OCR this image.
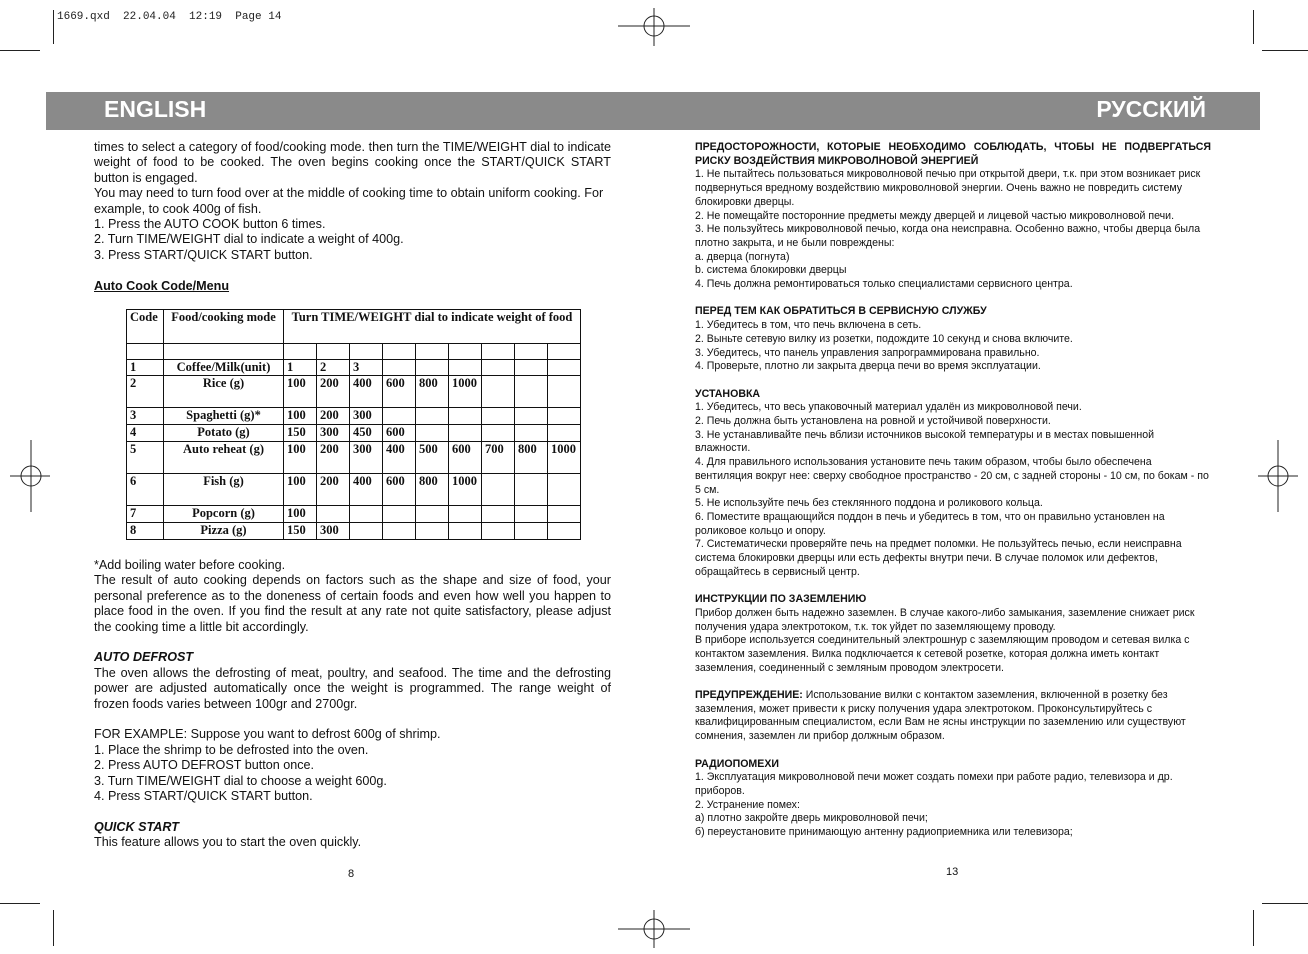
1669.qxd  22.04.04  12:19  Page 14
ENGLISH	РУССКИЙ

times to select a category of food/cooking mode. then turn the TIME/WEIGHT dial to indicate weight of food to be cooked. The oven begins cooking once the START/QUICK START button is engaged.

You may need to turn food over at the middle of cooking time to obtain uniform cooking. For example, to cook 400g of fish.

1. Press the AUTO COOK button 6 times.

2. Turn TIME/WEIGHT dial to indicate a weight of 400g.

3. Press START/QUICK START button.

Auto Cook Code/Menu

Code	Food/cooking mode	Turn TIME/WEIGHT dial to indicate weight of food								

1	Coffee/Milk(unit)	1	2	3						
2	Rice (g)	100	200	400	600	800	1000			
3	Spaghetti (g)*	100	200	300						
4	Potato (g)	150	300	450	600					
5	Auto reheat (g)	100	200	300	400	500	600	700	800	1000
6	Fish (g)	100	200	400	600	800	1000			
7	Popcorn (g)	100								
8	Pizza (g)	150	300							

*Add boiling water before cooking.

The result of auto cooking depends on factors such as the shape and size of food, your personal preference as to the doneness of certain foods and even how well you happen to place food in the oven. If you find the result at any rate not quite satisfactory, please adjust the cooking time a little bit accordingly.

AUTO DEFROST

The oven allows the defrosting of meat, poultry, and seafood. The time and the defrosting power are adjusted automatically once the weight is programmed. The range weight of frozen foods varies between 100gr and 2700gr.

FOR EXAMPLE: Suppose you want to defrost 600g of shrimp.

1. Place the shrimp to be defrosted into the oven.

2. Press AUTO DEFROST button once.

3. Turn TIME/WEIGHT dial to choose a weight 600g.

4. Press START/QUICK START button.

QUICK START

This feature allows you to start the oven quickly.

8

ПРЕДОСТОРОЖНОСТИ, КОТОРЫЕ НЕОБХОДИМО СОБЛЮДАТЬ, ЧТОБЫ НЕ ПОДВЕРГАТЬСЯ РИСКУ ВОЗДЕЙСТВИЯ МИКРОВОЛНОВОЙ ЭНЕРГИЕЙ

1. Не пытайтесь пользоваться микроволновой печью при открытой двери, т.к. при этом возникает риск подвернуться вредному воздействию микроволновой энергии. Очень важно не повредить систему блокировки дверцы.

2. Не помещайте посторонние предметы между дверцей и лицевой частью микроволновой печи.

3. Не пользуйтесь микроволновой печью, когда она неисправна. Особенно важно, чтобы дверца была плотно закрыта, и не были повреждены:

a. дверца (погнута)

b. система блокировки дверцы

4. Печь должна ремонтироваться только специалистами сервисного центра.

ПЕРЕД ТЕМ КАК ОБРАТИТЬСЯ В СЕРВИСНУЮ СЛУЖБУ

1. Убедитесь в том, что печь включена в сеть.

2. Выньте сетевую вилку из розетки, подождите 10 секунд и снова включите.

3. Убедитесь, что панель управления запрограммирована правильно.

4. Проверьте, плотно ли закрыта дверца печи во время эксплуатации.

УСТАНОВКА

1. Убедитесь, что весь упаковочный материал удалён из микроволновой печи.

2. Печь должна быть установлена на ровной и устойчивой поверхности.

3. Не устанавливайте печь вблизи источников высокой температуры и в местах повышенной влажности.

4. Для правильного использования установите печь таким образом, чтобы было обеспечена вентиляция вокруг нее: сверху свободное пространство - 20 см, с задней стороны - 10 см, по бокам - по 5 см.

5. Не используйте печь без стеклянного поддона и роликового кольца.

6. Поместите вращающийся поддон в печь и убедитесь в том, что он правильно установлен на роликовое кольцо и опору.

7. Систематически проверяйте печь на предмет поломки. Не пользуйтесь печью, если неисправна система блокировки дверцы или есть дефекты внутри печи. В случае поломок или дефектов, обращайтесь в сервисный центр.

ИНСТРУКЦИИ ПО ЗАЗЕМЛЕНИЮ

Прибор должен быть надежно заземлен. В случае какого-либо замыкания, заземление снижает риск получения удара электротоком, т.к. ток уйдет по заземляющему проводу.

В приборе используется соединительный электрошнур с заземляющим проводом и сетевая вилка с контактом заземления. Вилка подключается к сетевой розетке, которая должна иметь контакт заземления, соединенный с земляным проводом электросети.

ПРЕДУПРЕЖДЕНИЕ: Использование вилки с контактом заземления, включенной в розетку без заземления, может привести к риску получения удара электротоком. Проконсультируйтесь с квалифицированным специалистом, если Вам не ясны инструкции по заземлению или существуют сомнения, заземлен ли прибор должным образом.

РАДИОПОМЕХИ

1. Эксплуатация микроволновой печи может создать помехи при работе радио, телевизора и др. приборов.

2. Устранение помех:

а) плотно закройте дверь микроволновой печи;

б) переустановите принимающую антенну радиоприемника или телевизора;

13
